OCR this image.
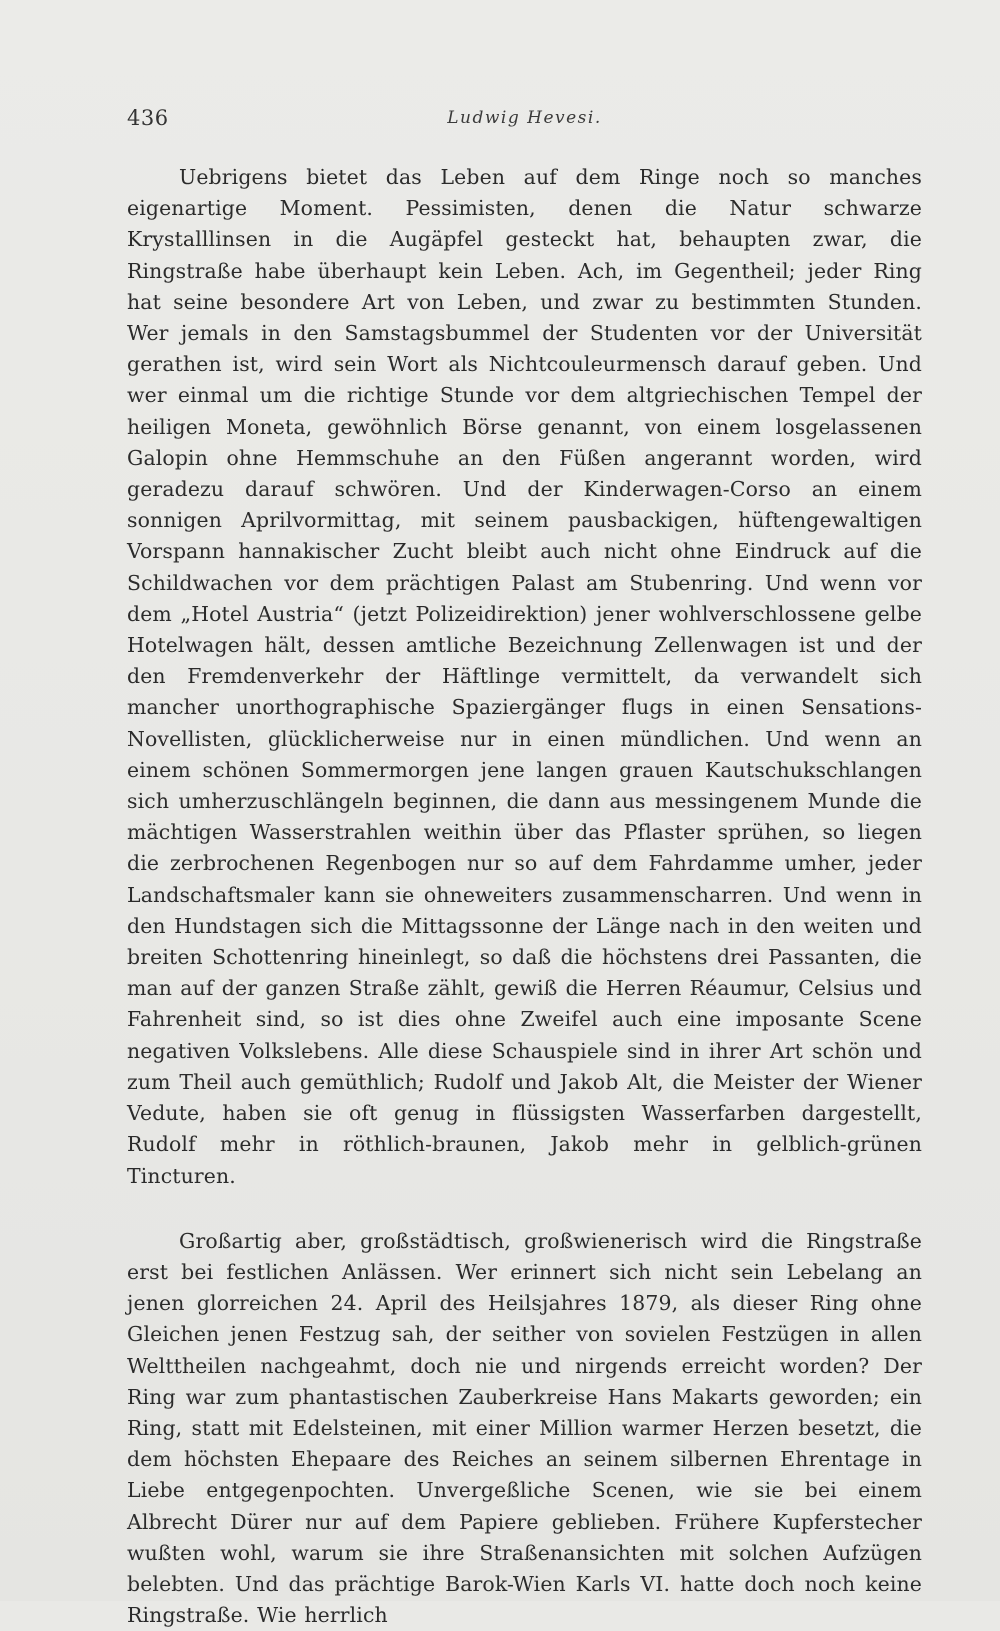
436	Ludwig Hevesi.

Uebrigens bietet das Leben auf dem Ringe noch so manches eigenartige Moment. Pessimisten, denen die Natur schwarze Krystalllinsen in die Augäpfel gesteckt hat, behaupten zwar, die Ringstraße habe überhaupt kein Leben. Ach, im Gegentheil; jeder Ring hat seine besondere Art von Leben, und zwar zu bestimmten Stunden. Wer jemals in den Samstagsbummel der Studenten vor der Universität gerathen ist, wird sein Wort als Nichtcouleurmensch darauf geben. Und wer einmal um die richtige Stunde vor dem altgriechischen Tempel der heiligen Moneta, gewöhnlich Börse genannt, von einem losgelassenen Galopin ohne Hemmschuhe an den Füßen angerannt worden, wird geradezu darauf schwören. Und der Kinderwagen-Corso an einem sonnigen Aprilvormittag, mit seinem pausbackigen, hüftengewaltigen Vorspann hannakischer Zucht bleibt auch nicht ohne Eindruck auf die Schildwachen vor dem prächtigen Palast am Stubenring. Und wenn vor dem „Hotel Austria“ (jetzt Polizeidirektion) jener wohlverschlossene gelbe Hotelwagen hält, dessen amtliche Bezeichnung Zellenwagen ist und der den Fremdenverkehr der Häftlinge vermittelt, da verwandelt sich mancher unorthographische Spaziergänger flugs in einen Sensations-Novellisten, glücklicherweise nur in einen mündlichen. Und wenn an einem schönen Sommermorgen jene langen grauen Kautschukschlangen sich umherzuschlängeln beginnen, die dann aus messingenem Munde die mächtigen Wasserstrahlen weithin über das Pflaster sprühen, so liegen die zerbrochenen Regenbogen nur so auf dem Fahrdamme umher, jeder Landschaftsmaler kann sie ohneweiters zusammenscharren. Und wenn in den Hundstagen sich die Mittagssonne der Länge nach in den weiten und breiten Schottenring hineinlegt, so daß die höchstens drei Passanten, die man auf der ganzen Straße zählt, gewiß die Herren Réaumur, Celsius und Fahrenheit sind, so ist dies ohne Zweifel auch eine imposante Scene negativen Volkslebens. Alle diese Schauspiele sind in ihrer Art schön und zum Theil auch gemüthlich; Rudolf und Jakob Alt, die Meister der Wiener Vedute, haben sie oft genug in flüssigsten Wasserfarben dargestellt, Rudolf mehr in röthlich-braunen, Jakob mehr in gelblich-grünen Tincturen.

Großartig aber, großstädtisch, großwienerisch wird die Ringstraße erst bei festlichen Anlässen. Wer erinnert sich nicht sein Lebelang an jenen glorreichen 24. April des Heilsjahres 1879, als dieser Ring ohne Gleichen jenen Festzug sah, der seither von sovielen Festzügen in allen Welttheilen nachgeahmt, doch nie und nirgends erreicht worden? Der Ring war zum phantastischen Zauberkreise Hans Makarts geworden; ein Ring, statt mit Edelsteinen, mit einer Million warmer Herzen besetzt, die dem höchsten Ehepaare des Reiches an seinem silbernen Ehrentage in Liebe entgegenpochten. Unvergeßliche Scenen, wie sie bei einem Albrecht Dürer nur auf dem Papiere geblieben. Frühere Kupferstecher wußten wohl, warum sie ihre Straßenansichten mit solchen Aufzügen belebten. Und das prächtige Barok-Wien Karls VI. hatte doch noch keine Ringstraße. Wie herrlich
